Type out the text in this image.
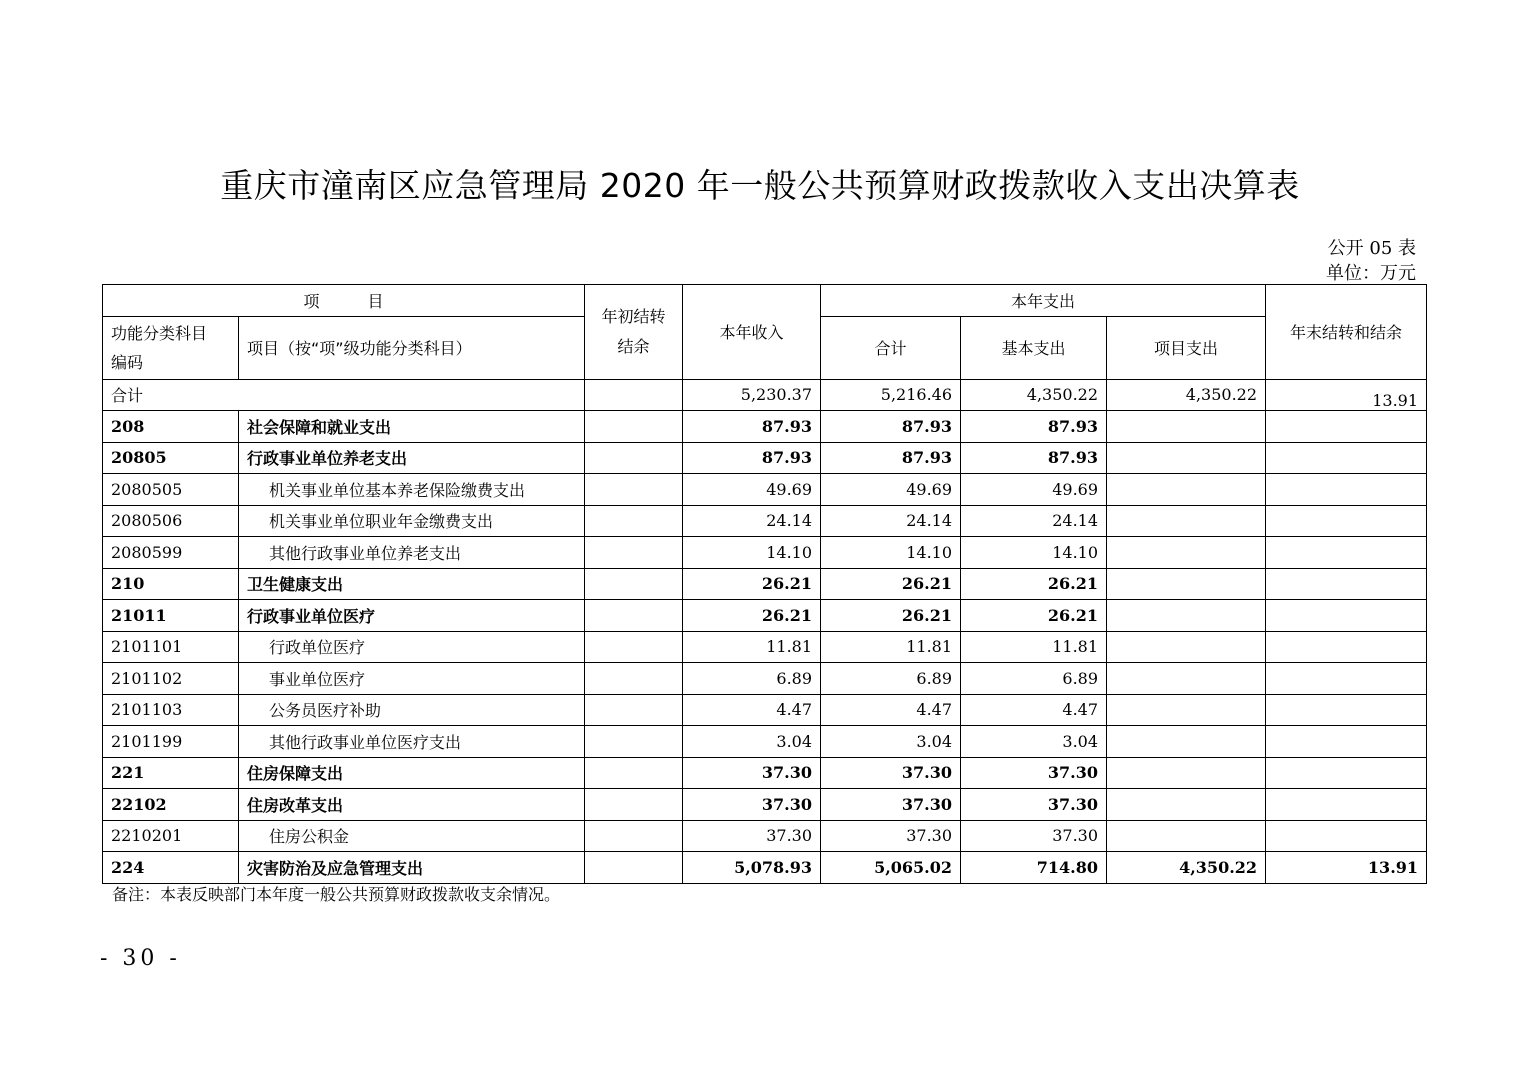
重庆市潼南区应急管理局 2020 年一般公共预算财政拨款收入支出决算表
公开 05 表
单位：万元
项　　　目		年初结转结余	本年收入	本年支出			年末结转和结余
功能分类科目编码	项目（按“项”级功能分类科目）			合计	基本支出	项目支出	
合计			5,230.37	5,216.46	4,350.22	4,350.22	13.91
208	社会保障和就业支出		87.93	87.93	87.93		
20805	行政事业单位养老支出		87.93	87.93	87.93		
2080505	机关事业单位基本养老保险缴费支出		49.69	49.69	49.69		
2080506	机关事业单位职业年金缴费支出		24.14	24.14	24.14		
2080599	其他行政事业单位养老支出		14.10	14.10	14.10		
210	卫生健康支出		26.21	26.21	26.21		
21011	行政事业单位医疗		26.21	26.21	26.21		
2101101	行政单位医疗		11.81	11.81	11.81		
2101102	事业单位医疗		6.89	6.89	6.89		
2101103	公务员医疗补助		4.47	4.47	4.47		
2101199	其他行政事业单位医疗支出		3.04	3.04	3.04		
221	住房保障支出		37.30	37.30	37.30		
22102	住房改革支出		37.30	37.30	37.30		
2210201	住房公积金		37.30	37.30	37.30		
224	灾害防治及应急管理支出		5,078.93	5,065.02	714.80	4,350.22	13.91
备注：本表反映部门本年度一般公共预算财政拨款收支余情况。
- 30 -
